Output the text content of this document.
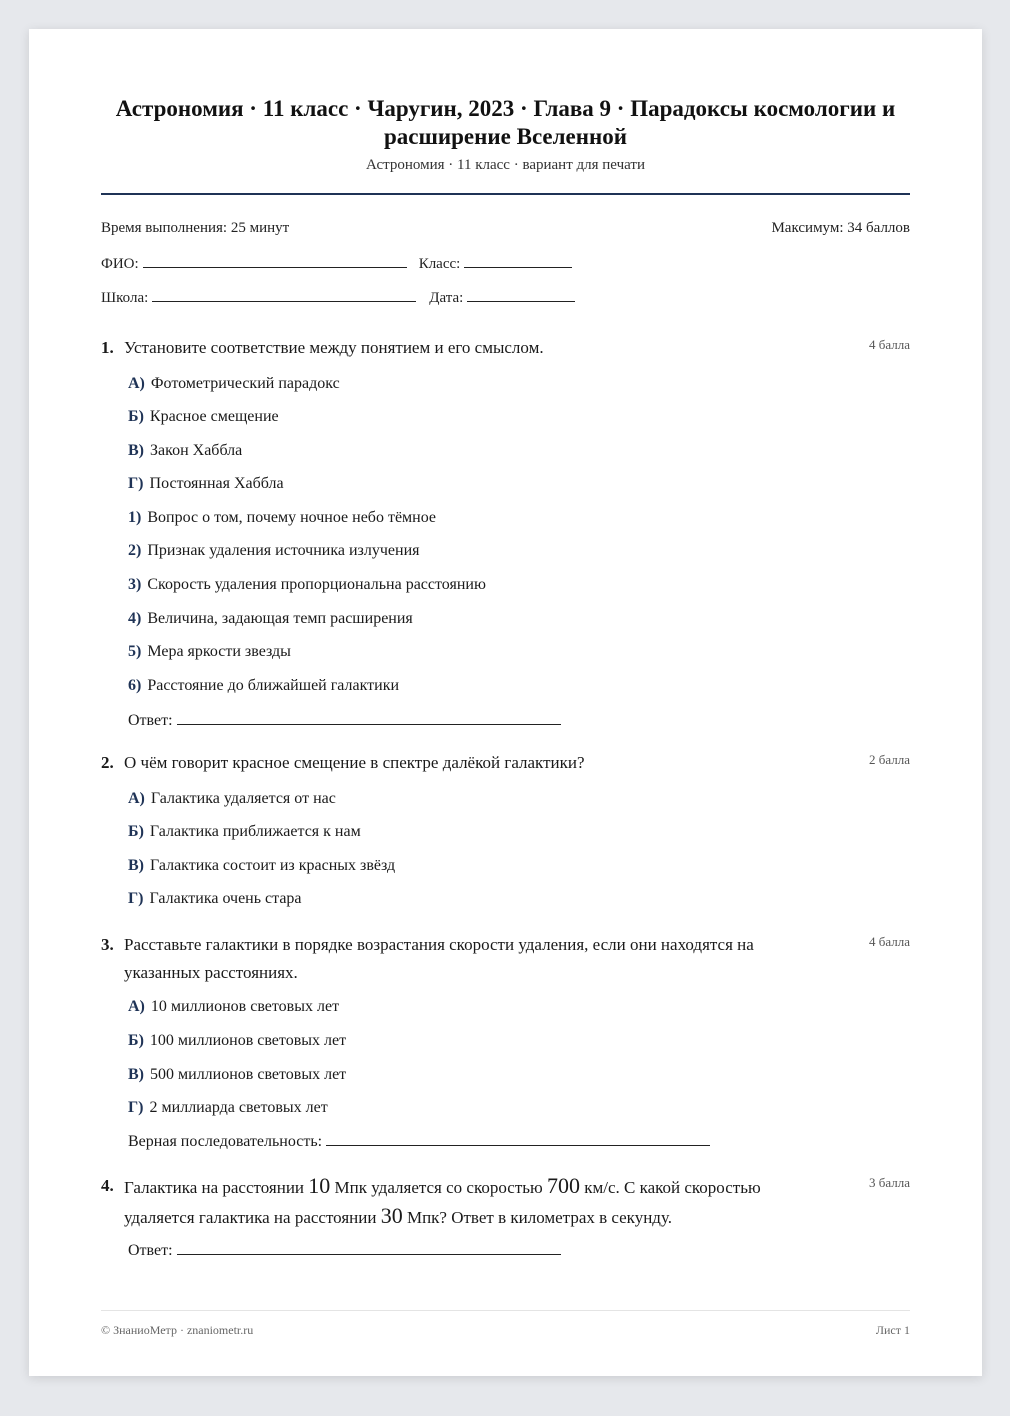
Астрономия · 11 класс · Чаругин, 2023 · Глава 9 · Парадоксы космологии и расширение Вселенной
Астрономия · 11 класс · вариант для печати
Время выполнения: 25 минут	Максимум: 34 баллов
ФИО:	Класс:
Школа:	Дата:
1. Установите соответствие между понятием и его смыслом.	4 балла
А) Фотометрический парадокс
Б) Красное смещение
В) Закон Хаббла
Г) Постоянная Хаббла
1) Вопрос о том, почему ночное небо тёмное
2) Признак удаления источника излучения
3) Скорость удаления пропорциональна расстоянию
4) Величина, задающая темп расширения
5) Мера яркости звезды
6) Расстояние до ближайшей галактики
Ответ:
2. О чём говорит красное смещение в спектре далёкой галактики?	2 балла
А) Галактика удаляется от нас
Б) Галактика приближается к нам
В) Галактика состоит из красных звёзд
Г) Галактика очень стара
3. Расставьте галактики в порядке возрастания скорости удаления, если они находятся на указанных расстояниях.
4 балла
А) 10 миллионов световых лет
Б) 100 миллионов световых лет
В) 500 миллионов световых лет
Г) 2 миллиарда световых лет
Верная последовательность:
4. Галактика на расстоянии 10 Мпк удаляется со скоростью 700 км/с. С какой скоростью удаляется галактика на расстоянии 30 Мпк? Ответ в километрах в секунду.
3 балла
Ответ:
© ЗнаниоМетр · znaniometr.ru	Лист 1
